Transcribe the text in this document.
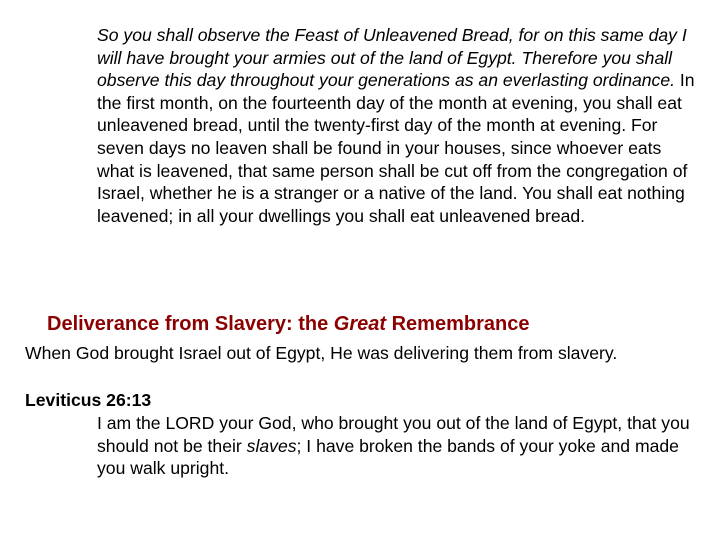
So you shall observe the Feast of Unleavened Bread, for on this same day I will have brought your armies out of the land of Egypt. Therefore you shall observe this day throughout your generations as an everlasting ordinance. In the first month, on the fourteenth day of the month at evening, you shall eat unleavened bread, until the twenty-first day of the month at evening. For seven days no leaven shall be found in your houses, since whoever eats what is leavened, that same person shall be cut off from the congregation of Israel, whether he is a stranger or a native of the land. You shall eat nothing leavened; in all your dwellings you shall eat unleavened bread.

Deliverance from Slavery: the Great Remembrance

When God brought Israel out of Egypt, He was delivering them from slavery.

Leviticus 26:13

I am the LORD your God, who brought you out of the land of Egypt, that you should not be their slaves; I have broken the bands of your yoke and made you walk upright.
